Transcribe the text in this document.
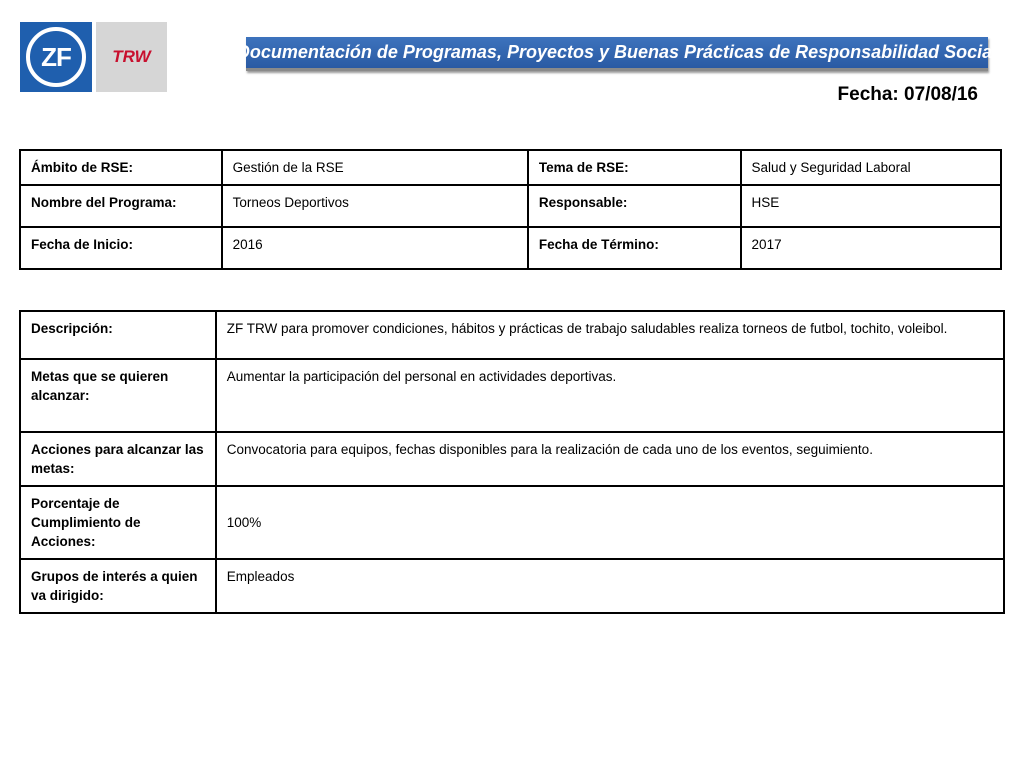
ZF	TRW	Documentación de Programas, Proyectos y Buenas Prácticas de Responsabilidad Social
Fecha: 07/08/16
Ámbito de RSE:	Gestión de la RSE	Tema de RSE:	Salud y Seguridad Laboral
Nombre del Programa:	Torneos Deportivos	Responsable:	HSE
Fecha de Inicio:	2016	Fecha de Término:	2017
Descripción:	ZF TRW para promover condiciones, hábitos y prácticas de trabajo saludables realiza torneos de futbol, tochito, voleibol.
Metas que se quieren alcanzar:	Aumentar la participación del personal en actividades deportivas.
Acciones para alcanzar las metas:	Convocatoria para equipos, fechas disponibles para la realización de cada uno de los eventos, seguimiento.
Porcentaje de Cumplimiento de Acciones:	100%
Grupos de interés a quien va dirigido:	Empleados
